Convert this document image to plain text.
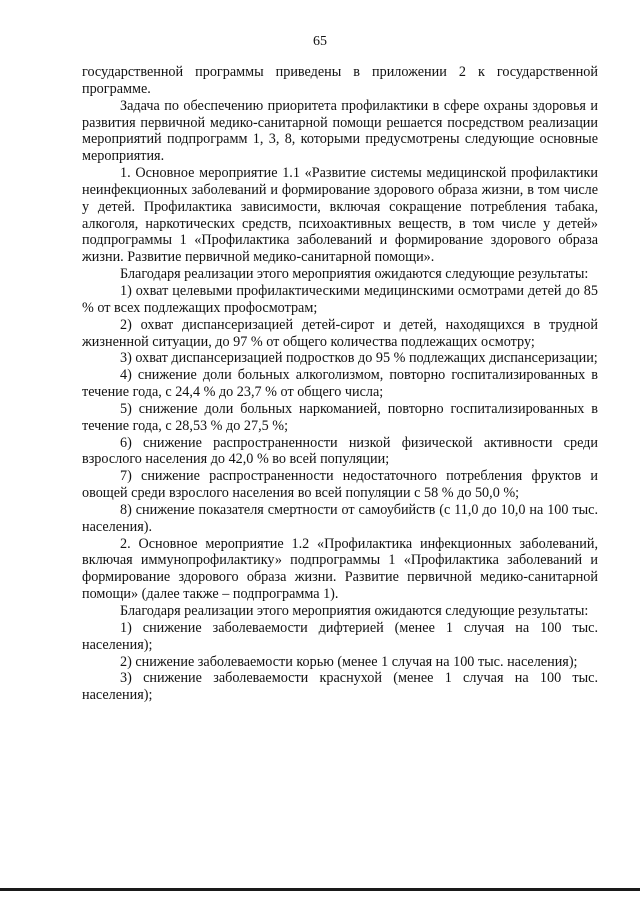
65

государственной программы приведены в приложении 2 к государственной программе.

Задача по обеспечению приоритета профилактики в сфере охраны здоровья и развития первичной медико-санитарной помощи решается посредством реализации мероприятий подпрограмм 1, 3, 8, которыми предусмотрены следующие основные мероприятия.

1. Основное мероприятие 1.1 «Развитие системы медицинской профилактики неинфекционных заболеваний и формирование здорового образа жизни, в том числе у детей. Профилактика зависимости, включая сокращение потребления табака, алкоголя, наркотических средств, психоактивных веществ, в том числе у детей» подпрограммы 1 «Профилактика заболеваний и формирование здорового образа жизни. Развитие первичной медико-санитарной помощи».

Благодаря реализации этого мероприятия ожидаются следующие результаты:

1) охват целевыми профилактическими медицинскими осмотрами детей до 85 % от всех подлежащих профосмотрам;

2) охват диспансеризацией детей-сирот и детей, находящихся в трудной жизненной ситуации, до 97 % от общего количества подлежащих осмотру;

3) охват диспансеризацией подростков до 95 % подлежащих диспансеризации;

4) снижение доли больных алкоголизмом, повторно госпитализированных в течение года, с 24,4 % до 23,7 % от общего числа;

5) снижение доли больных наркоманией, повторно госпитализированных в течение года, с 28,53 % до 27,5 %;

6) снижение распространенности низкой физической активности среди взрослого населения до 42,0 % во всей популяции;

7) снижение распространенности недостаточного потребления фруктов и овощей среди взрослого населения во всей популяции с 58 % до 50,0 %;

8) снижение показателя смертности от самоубийств (с 11,0 до 10,0 на 100 тыс. населения).

2. Основное мероприятие 1.2 «Профилактика инфекционных заболеваний, включая иммунопрофилактику» подпрограммы 1 «Профилактика заболеваний и формирование здорового образа жизни. Развитие первичной медико-санитарной помощи» (далее также – подпрограмма 1).

Благодаря реализации этого мероприятия ожидаются следующие результаты:

1) снижение заболеваемости дифтерией (менее 1 случая на 100 тыс. населения);

2) снижение заболеваемости корью (менее 1 случая на 100 тыс. населения);

3) снижение заболеваемости краснухой (менее 1 случая на 100 тыс. населения);
